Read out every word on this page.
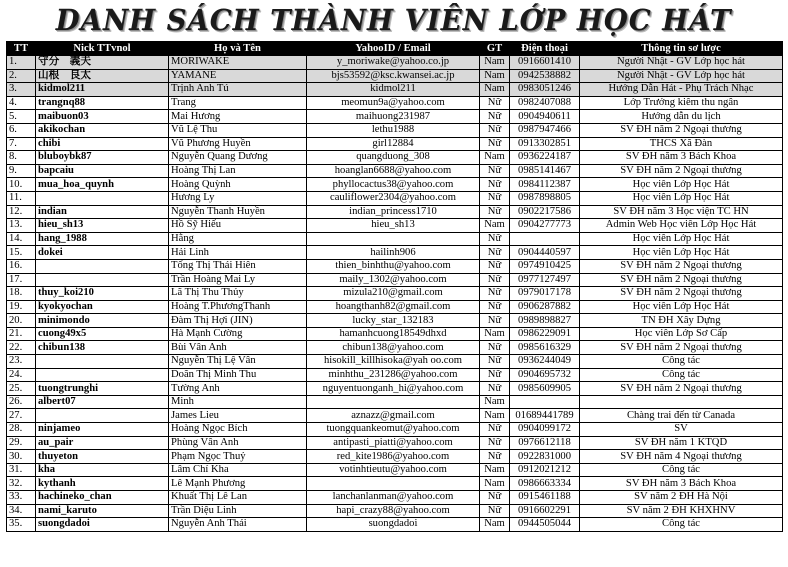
DANH SÁCH THÀNH VIÊN LỚP HỌC HÁT
TT	Nick TTvnol	Họ và Tên	YahooID / Email	GT	Điện thoại	Thông tin sơ lược
1.	守分　義夫	MORIWAKE	y_moriwake@yahoo.co.jp	Nam	0916601410	Người Nhật - GV Lớp học hát
2.	山根　良太	YAMANE	bjs53592@ksc.kwansei.ac.jp	Nam	0942538882	Người Nhật - GV Lớp học hát
3.	kidmol211	Trịnh Anh Tú	kidmol211	Nam	0983051246	Hướng Dẫn Hát - Phụ Trách Nhạc
4.	trangnq88	Trang	meomun9a@yahoo.com	Nữ	0982407088	Lớp Trưởng kiêm thu ngân
5.	maibuon03	Mai Hương	maihuong231987	Nữ	0904940611	Hướng dẫn du lịch
6.	akikochan	Vũ Lệ Thu	lethu1988	Nữ	0987947466	SV ĐH năm 2 Ngoại thương
7.	chibi	Vũ Phương Huyền	girl12884	Nữ	0913302851	THCS Xã Đàn
8.	bluboybk87	Nguyễn Quang Dương	quangduong_308	Nam	0936224187	SV ĐH năm 3 Bách Khoa
9.	bapcaiu	Hoàng Thị Lan	hoanglan6688@yahoo.com	Nữ	0985141467	SV ĐH năm 2 Ngoại thương
10.	mua_hoa_quynh	Hoàng Quỳnh	phyllocactus38@yahoo.com	Nữ	0984112387	Học viên Lớp Học Hát
11.		Hương Ly	cauliflower2304@yahoo.com	Nữ	0987898805	Học viên Lớp Học Hát
12.	indian	Nguyễn Thanh Huyền	indian_princess1710	Nữ	0902217586	SV ĐH năm 3 Học viện TC HN
13.	hieu_sh13	Hồ Sỹ Hiếu	hieu_sh13	Nam	0904277773	Admin Web Học viên Lớp Học Hát
14.	hang_1988	Hằng		Nữ		Học viên Lớp Học Hát
15.	dokei	Hải Linh	hailinh906	Nữ	0904440597	Học viên Lớp Học Hát
16.		Tống Thị Thái Hiên	thien_binhthu@yahoo.com	Nữ	0974910425	SV ĐH năm 2 Ngoại thương
17.		Trần Hoàng Mai Ly	maily_1302@yahoo.com	Nữ	0977127497	SV ĐH năm 2 Ngoại thương
18.	thuy_koi210	Lã Thị Thu Thủy	mizula210@gmail.com	Nữ	0979017178	SV ĐH năm 2 Ngoại thương
19.	kyokyochan	Hoàng T.PhươngThanh	hoangthanh82@gmail.com	Nữ	0906287882	Học viên Lớp Học Hát
20.	minimondo	Đàm Thị Hợi (JIN)	lucky_star_132183	Nữ	0989898827	TN ĐH Xây Dựng
21.	cuong49x5	Hà Mạnh Cường	hamanhcuong18549dhxd	Nam	0986229091	Học viên Lớp Sơ Cấp
22.	chibun138	Bùi Vân Anh	chibun138@yahoo.com	Nữ	0985616329	SV ĐH năm 2 Ngoại thương
23.		Nguyễn Thị Lệ Vân	hisokill_killhisoka@yah oo.com	Nữ	0936244049	Công tác
24.		Doãn Thị Minh Thu	minhthu_231286@yahoo.com	Nữ	0904695732	Công tác
25.	tuongtrunghi	Tường Anh	nguyentuonganh_hi@yahoo.com	Nữ	0985609905	SV ĐH năm 2 Ngoại thương
26.	albert07	Minh		Nam		
27.		James Lieu	aznazz@gmail.com	Nam	01689441789	Chàng trai đến từ Canada
28.	ninjameo	Hoàng Ngọc Bích	tuongquankeomut@yahoo.com	Nữ	0904099172	SV
29.	au_pair	Phùng Vân Anh	antipasti_piatti@yahoo.com	Nữ	0976612118	SV ĐH năm 1 KTQD
30.	thuyeton	Phạm Ngọc Thuỷ	red_kite1986@yahoo.com	Nữ	0922831000	SV ĐH năm 4 Ngoại thương
31.	kha	Lâm Chí Kha	votinhtieutu@yahoo.com	Nam	0912021212	Công tác
32.	kythanh	Lê Mạnh Phương		Nam	0986663334	SV ĐH năm 3 Bách Khoa
33.	hachineko_chan	Khuất Thị Lê Lan	lanchanlanman@yahoo.com	Nữ	0915461188	SV năm 2 ĐH Hà Nội
34.	nami_karuto	Trần Diệu Linh	hapi_crazy88@yahoo.com	Nữ	0916602291	SV năm 2 ĐH KHXHNV
35.	suongdadoi	Nguyễn Anh Thái	suongdadoi	Nam	0944505044	Công tác
